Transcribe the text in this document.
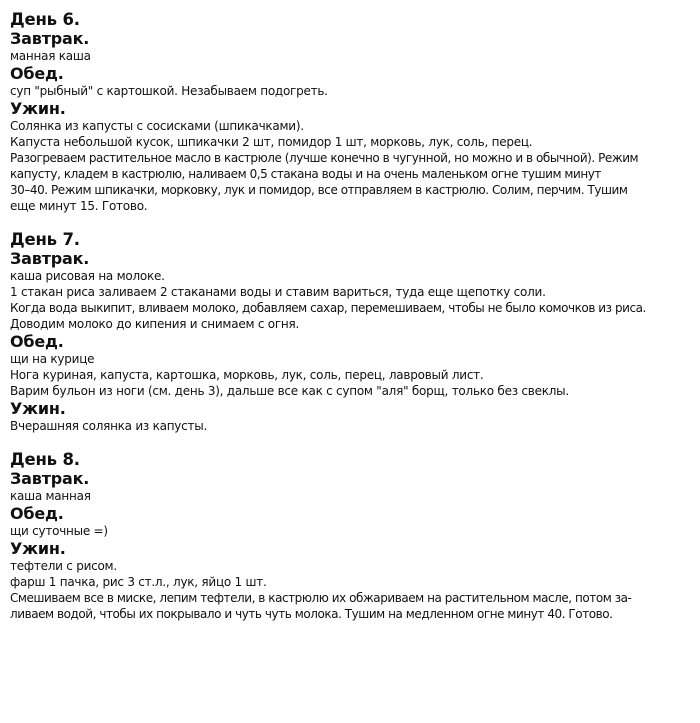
День 6.
Завтрак.

манная каша

Обед.

суп "рыбный" с картошкой. Незабываем подогреть.

Ужин.

Солянка из капусты с сосисками (шпикачками).

Капуста небольшой кусок, шпикачки 2 шт, помидор 1 шт, морковь, лук, соль, перец.

Разогреваем растительное масло в кастрюле (лучше конечно в чугунной, но можно и в обычной). Режим

капусту, кладем в кастрюлю, наливаем 0,5 стакана воды и на очень маленьком огне тушим минут

30–40. Режим шпикачки, морковку, лук и помидор, все отправляем в кастрюлю. Солим, перчим. Тушим

еще минут 15. Готово.

День 7.
Завтрак.

каша рисовая на молоке.

1 стакан риса заливаем 2 стаканами воды и ставим вариться, туда еще щепотку соли.

Когда вода выкипит, вливаем молоко, добавляем сахар, перемешиваем, чтобы не было комочков из риса.

Доводим молоко до кипения и снимаем с огня.

Обед.

щи на курице

Нога куриная, капуста, картошка, морковь, лук, соль, перец, лавровый лист.

Варим бульон из ноги (см. день 3), дальше все как с супом "аля" борщ, только без свеклы.

Ужин.

Вчерашняя солянка из капусты.

День 8.
Завтрак.

каша манная

Обед.

щи суточные =)

Ужин.

тефтели с рисом.

фарш 1 пачка, рис 3 ст.л., лук, яйцо 1 шт.

Смешиваем все в миске, лепим тефтели, в кастрюлю их обжариваем на растительном масле, потом за-

ливаем водой, чтобы их покрывало и чуть чуть молока. Тушим на медленном огне минут 40. Готово.
